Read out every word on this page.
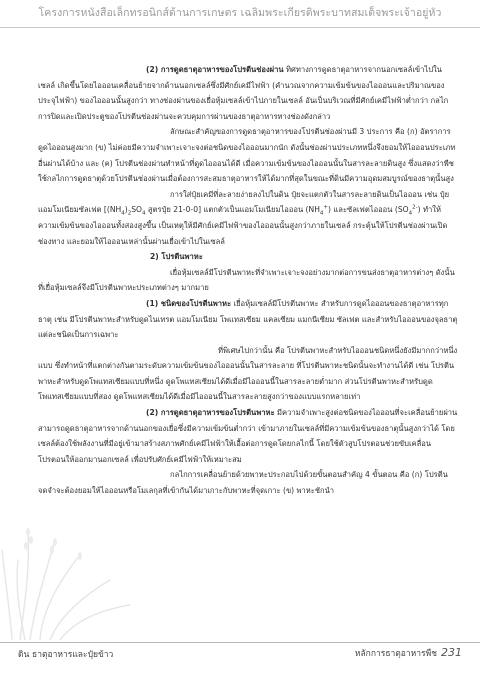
โครงการหนังสือเล็กทรอนิกส์ด้านการเกษตร เฉลิมพระเกียรติพระบาทสมเด็จพระเจ้าอยู่หัว

(2) การดูดธาตุอาหารของโปรตีนช่องผ่าน ทิศทางการดูดธาตุอาหารจากนอกเซลล์เข้าไปในเซลล์ เกิดขึ้นโดยไอออนเคลื่อนย้ายจากด้านนอกเซลล์ซึ่งมีศักย์เคมีไฟฟ้า (คำนวณจากความเข้มข้นของไอออนและปริมาณของประจุไฟฟ้า) ของไอออนนั้นสูงกว่า ทางช่องผ่านของเยื่อหุ้มเซลล์เข้าไปภายในเซลล์ อันเป็นบริเวณที่มีศักย์เคมีไฟฟ้าต่ำกว่า กลไกการปิดและเปิดประตูของโปรตีนช่องผ่านจะควบคุมการผ่านของธาตุอาหารทางช่องดังกล่าว

ลักษณะสำคัญของการดูดธาตุอาหารของโปรตีนช่องผ่านมี 3 ประการ คือ (ก) อัตราการดูดไอออนสูงมาก (ข) ไม่ค่อยมีความจำเพาะเจาะจงต่อชนิดของไอออนมากนัก ดังนั้นช่องผ่านประเภทหนึ่งจึงยอมให้ไอออนประเภทอื่นผ่านได้บ้าง และ (ค) โปรตีนช่องผ่านทำหน้าที่ดูดไอออนได้ดี เมื่อความเข้มข้นของไอออนนั้นในสารละลายดินสูง ซึ่งแสดงว่าพืชใช้กลไกการดูดธาตุด้วยโปรตีนช่องผ่านเมื่อต้องการสะสมธาตุอาหารให้ได้มากที่สุดในขณะที่ดินมีความอุดมสมบูรณ์ของธาตุนั้นสูง

การใส่ปุ๋ยเคมีที่ละลายง่ายลงไปในดิน ปุ๋ยจะแตกตัวในสารละลายดินเป็นไอออน เช่น ปุ๋ยแอมโมเนียมซัลเฟต [$(NH_4)_2SO_4$ สูตรปุ๋ย 21-0-0] แตกตัวเป็นแอมโมเนียมไอออน $(NH_4^+)$ และซัลเฟตไอออน $(SO_4^{2-})$ ทำให้ความเข้มข้นของไอออนทั้งสองสูงขึ้น เป็นเหตุให้มีศักย์เคมีไฟฟ้าของไอออนนั้นสูงกว่าภายในเซลล์ กระตุ้นให้โปรตีนช่องผ่านเปิดช่องทาง และยอมให้ไอออนเหล่านั้นผ่านเยื่อเข้าไปในเซลล์

2) โปรตีนพาหะ

เยื่อหุ้มเซลล์มีโปรตีนพาหะที่จำเพาะเจาะจงอย่างมากต่อการขนส่งธาตุอาหารต่างๆ ดังนั้นที่เยื่อหุ้มเซลล์จึงมีโปรตีนพาหะประเภทต่างๆ มากมาย

(1) ชนิดของโปรตีนพาหะ เยื่อหุ้มเซลล์มีโปรตีนพาหะ สำหรับการดูดไอออนของธาตุอาหารทุกธาตุ เช่น มีโปรตีนพาหะสำหรับดูดไนเทรต แอมโมเนียม โพแทสเซียม แคลเซียม แมกนีเซียม ซัลเฟต และสำหรับไอออนของจุลธาตุแต่ละชนิดเป็นการเฉพาะ

ที่พิเศษไปกว่านั้น คือ โปรตีนพาหะสำหรับไอออนชนิดหนึ่งยังมีมากกว่าหนึ่งแบบ ซึ่งทำหน้าที่แตกต่างกันตามระดับความเข้มข้นของไอออนนั้นในสารละลาย ที่โปรตีนพาหะชนิดนั้นจะทำงานได้ดี เช่น โปรตีนพาหะสำหรับดูดโพแทสเซียมแบบที่หนึ่ง ดูดโพแทสเซียมได้ดีเมื่อมีไอออนนี้ในสารละลายต่ำมาก ส่วนโปรตีนพาหะสำหรับดูดโพแทสเซียมแบบที่สอง ดูดโพแทสเซียมได้ดีเมื่อมีไอออนนี้ในสารละลายสูงกว่าของแบบแรกหลายเท่า

(2) การดูดธาตุอาหารของโปรตีนพาหะ มีความจำเพาะสูงต่อชนิดของไอออนที่จะเคลื่อนย้ายผ่าน สามารถดูดธาตุอาหารจากด้านนอกของเยื่อซึ่งมีความเข้มข้นต่ำกว่า เข้ามาภายในเซลล์ที่มีความเข้มข้นของธาตุนั้นสูงกว่าได้ โดยเซลล์ต้องใช้พลังงานที่มีอยู่เข้ามาสร้างสภาพศักย์เคมีไฟฟ้าให้เอื้อต่อการดูดโดยกลไกนี้ โดยใช้ตัวสูบโปรตอนช่วยขับเคลื่อนโปรตอนให้ออกมานอกเซลล์ เพื่อปรับศักย์เคมีไฟฟ้าให้เหมาะสม

กลไกการเคลื่อนย้ายด้วยพาหะประกอบไปด้วยขั้นตอนสำคัญ 4 ขั้นตอน คือ (ก) โปรตีนจดจำจะต้องยอมให้ไอออนหรือโมเลกุลที่เข้ากันได้มาเกาะกับพาหะที่จุดเกาะ (ข) พาหะชักนำ

ดิน ธาตุอาหารและปุ๋ยข้าว	หลักการธาตุอาหารพืช 231
